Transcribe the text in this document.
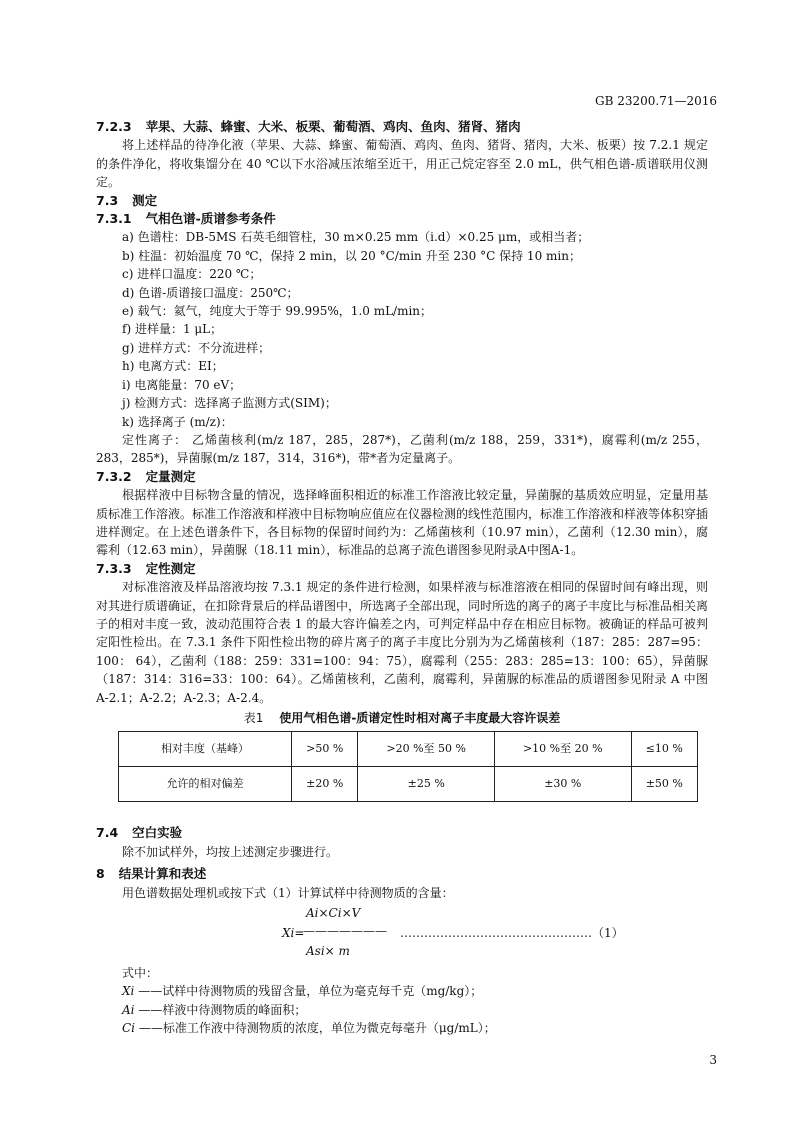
GB 23200.71—2016
7.2.3 苹果、大蒜、蜂蜜、大米、板栗、葡萄酒、鸡肉、鱼肉、猪肾、猪肉

将上述样品的待净化液（苹果、大蒜、蜂蜜、葡萄酒、鸡肉、鱼肉、猪肾、猪肉，大米、板栗）按 7.2.1 规定的条件净化，将收集馏分在 40 ℃以下水浴减压浓缩至近干，用正己烷定容至 2.0 mL，供气相色谱-质谱联用仪测定。

7.3 测定
7.3.1 气相色谱-质谱参考条件

a) 色谱柱：DB-5MS 石英毛细管柱，30 m×0.25 mm（i.d）×0.25 μm，或相当者；

b) 柱温：初始温度 70 ℃，保持 2 min，以 20 °C/min 升至 230 °C 保持 10 min；

c) 进样口温度：220 ℃；

d) 色谱-质谱接口温度：250℃；

e) 载气：氦气，纯度大于等于 99.995%，1.0 mL/min；

f) 进样量：1 μL；

g) 进样方式：不分流进样；

h) 电离方式：EI；

i) 电离能量：70 eV；

j) 检测方式：选择离子监测方式(SIM)；

k) 选择离子 (m/z)：

定性离子： 乙烯菌核利(m/z 187，285，287*)，乙菌利(m/z 188，259，331*)，腐霉利(m/z 255，283，285*)，异菌脲(m/z 187，314，316*)，带*者为定量离子。

7.3.2 定量测定

根据样液中目标物含量的情况，选择峰面积相近的标准工作溶液比较定量，异菌脲的基质效应明显，定量用基质标准工作溶液。标准工作溶液和样液中目标物响应值应在仪器检测的线性范围内，标准工作溶液和样液等体积穿插进样测定。在上述色谱条件下，各目标物的保留时间约为：乙烯菌核利（10.97 min），乙菌利（12.30 min），腐霉利（12.63 min），异菌脲（18.11 min），标准品的总离子流色谱图参见附录A中图A-1。

7.3.3 定性测定

对标准溶液及样品溶液均按 7.3.1 规定的条件进行检测，如果样液与标准溶液在相同的保留时间有峰出现，则对其进行质谱确证，在扣除背景后的样品谱图中，所选离子全部出现，同时所选的离子的离子丰度比与标准品相关离子的相对丰度一致，波动范围符合表 1 的最大容许偏差之内，可判定样品中存在相应目标物。被确证的样品可被判定阳性检出。在 7.3.1 条件下阳性检出物的碎片离子的离子丰度比分别为为乙烯菌核利（187：285：287=95：100： 64），乙菌利（188：259：331=100：94：75），腐霉利（255：283：285=13：100：65），异菌脲（187：314：316=33：100：64）。乙烯菌核利，乙菌利，腐霉利，异菌脲的标准品的质谱图参见附录 A 中图 A-2.1；A-2.2；A-2.3；A-2.4。

表1 使用气相色谱-质谱定性时相对离子丰度最大容许误差
相对丰度（基峰）	>50 %	>20 %至 50 %	>10 %至 20 %	≤10 %
允许的相对偏差	±20 %	±25 %	±30 %	±50 %
7.4 空白实验

除不加试样外，均按上述测定步骤进行。

8 结果计算和表述

用色谱数据处理机或按下式（1）计算试样中待测物质的含量：

Xi=
Ai×Ci×V
———————
Asi× m
…………………………………………（1）

式中：

Xi ——试样中待测物质的残留含量，单位为毫克每千克（mg/kg）；

Ai ——样液中待测物质的峰面积；

Ci ——标准工作液中待测物质的浓度，单位为微克每毫升（μg/mL）；

3
